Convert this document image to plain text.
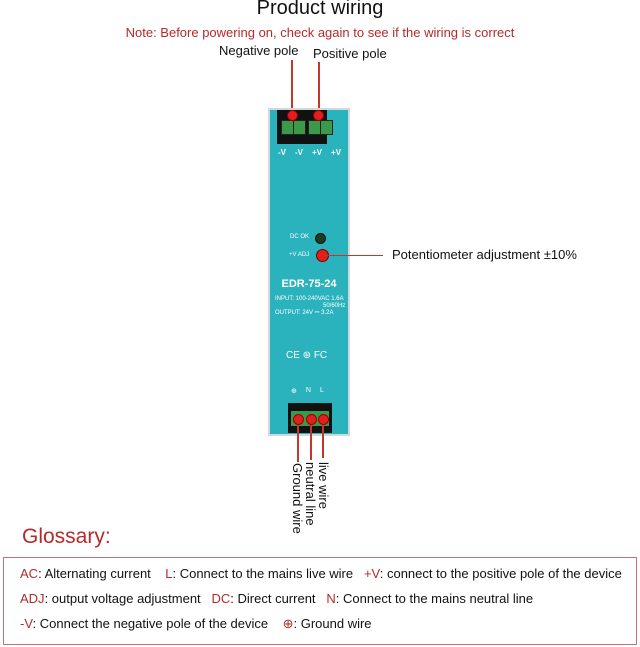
Product wiring
Note: Before powering on, check again to see if the wiring is correct
Negative pole Positive pole
-V -V +V +V
DC OK
+V ADJ	Potentiometer adjustment ±10%
EDR-75-24
INPUT: 100-240VAC 1.6A
50/60Hz
OUTPUT: 24V ⎓ 3.2A
CE ⊛ FC
⊕ N L
live wire
neutral line
Ground wire
Glossary:
AC: Alternating current L: Connect to the mains live wire +V: connect to the positive pole of the device
ADJ: output voltage adjustment DC: Direct current N: Connect to the mains neutral line
-V: Connect the negative pole of the device ⊕: Ground wire
